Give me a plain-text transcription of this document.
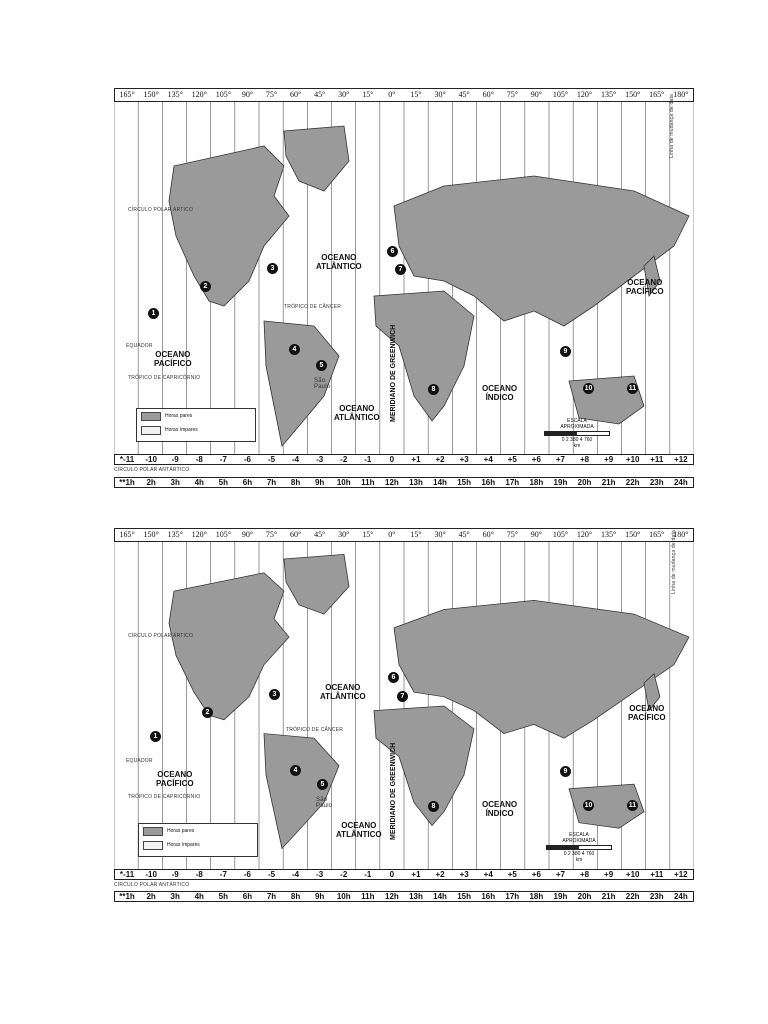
165°	150°	135°	120°	105°	90°	75°	60°	45°	30°	15°	0°	15°	30°	45°	60°	75°	90°	105°	120°	135°	150°	165°	180°
*-11	-10	-9	-8	-7	-6	-5	-4	-3	-2	-1	0	+1	+2	+3	+4	+5	+6	+7	+8	+9	+10	+11	+12
**1h	2h	3h	4h	5h	6h	7h	8h	9h	10h	11h	12h	13h	14h	15h	16h	17h	18h	19h	20h	21h	22h	23h	24h
CÍRCULO POLAR ÁRTICO
CÍRCULO POLAR ANTÁRTICO
TRÓPICO DE CÂNCER
TRÓPICO DE CAPRICÓRNIO
EQUADOR
OCEANO
ATLÂNTICO
OCEANO
ATLÂNTICO
OCEANO
PACÍFICO
OCEANO
PACÍFICO
OCEANO
ÍNDICO
São
Paulo	MERIDIANO DE GREENWICH
Linha de mudança de data
Horas pares
Horas ímpares
ESCALA
APROXIMADA
0 2 380 4 760
km
1
2
3
4
5
6
7
8
9
10	11
165°	150°	135°	120°	105°	90°	75°	60°	45°	30°	15°	0°	15°	30°	45°	60°	75°	90°	105°	120°	135°	150°	165°	180°
*-11	-10	-9	-8	-7	-6	-5	-4	-3	-2	-1	0	+1	+2	+3	+4	+5	+6	+7	+8	+9	+10	+11	+12
**1h	2h	3h	4h	5h	6h	7h	8h	9h	10h	11h	12h	13h	14h	15h	16h	17h	18h	19h	20h	21h	22h	23h	24h
CÍRCULO POLAR ÁRTICO
CÍRCULO POLAR ANTÁRTICO
TRÓPICO DE CÂNCER
TRÓPICO DE CAPRICÓRNIO
EQUADOR
OCEANO
ATLÂNTICO
OCEANO
ATLÂNTICO
OCEANO
PACÍFICO
OCEANO
PACÍFICO
OCEANO
ÍNDICO
São
Paulo	MERIDIANO DE GREENWICH
Linha de mudança de data
Horas pares
Horas ímpares
ESCALA
APROXIMADA
0 2 380 4 760
km
1
2
3
4
5
6
7
8
9
10	11
